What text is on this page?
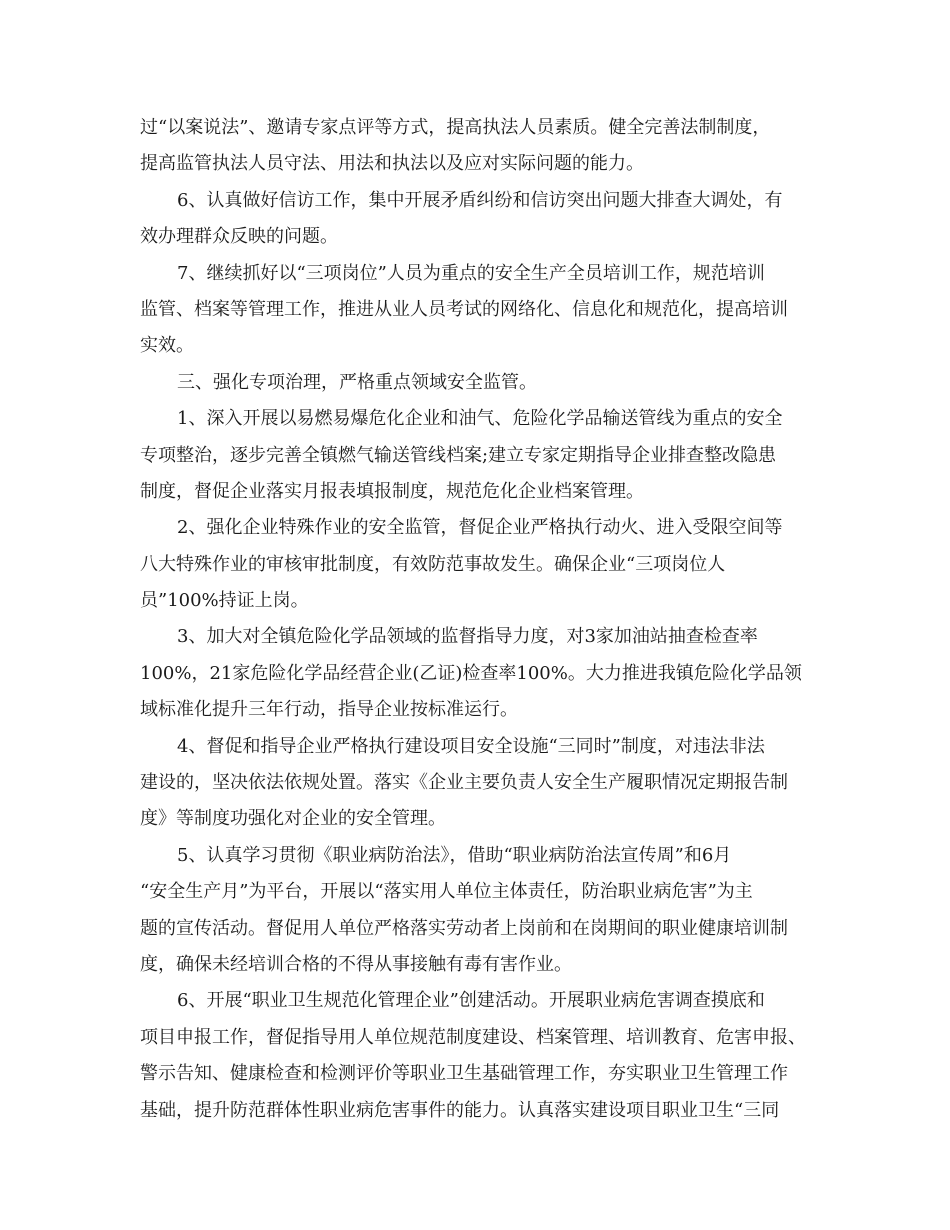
过“以案说法”、邀请专家点评等方式，提高执法人员素质。健全完善法制制度，
提高监管执法人员守法、用法和执法以及应对实际问题的能力。
6、认真做好信访工作，集中开展矛盾纠纷和信访突出问题大排查大调处，有
效办理群众反映的问题。
7、继续抓好以“三项岗位”人员为重点的安全生产全员培训工作，规范培训
监管、档案等管理工作，推进从业人员考试的网络化、信息化和规范化，提高培训
实效。
三、强化专项治理，严格重点领域安全监管。
1、深入开展以易燃易爆危化企业和油气、危险化学品输送管线为重点的安全
专项整治，逐步完善全镇燃气输送管线档案;建立专家定期指导企业排查整改隐患
制度，督促企业落实月报表填报制度，规范危化企业档案管理。
2、强化企业特殊作业的安全监管，督促企业严格执行动火、进入受限空间等
八大特殊作业的审核审批制度，有效防范事故发生。确保企业“三项岗位人
员”100%持证上岗。
3、加大对全镇危险化学品领域的监督指导力度，对3家加油站抽查检查率
100%，21家危险化学品经营企业(乙证)检查率100%。大力推进我镇危险化学品领
域标准化提升三年行动，指导企业按标准运行。
4、督促和指导企业严格执行建设项目安全设施“三同时”制度，对违法非法
建设的，坚决依法依规处置。落实《企业主要负责人安全生产履职情况定期报告制
度》等制度功强化对企业的安全管理。
5、认真学习贯彻《职业病防治法》，借助“职业病防治法宣传周”和6月
“安全生产月”为平台，开展以“落实用人单位主体责任，防治职业病危害”为主
题的宣传活动。督促用人单位严格落实劳动者上岗前和在岗期间的职业健康培训制
度，确保未经培训合格的不得从事接触有毒有害作业。
6、开展“职业卫生规范化管理企业”创建活动。开展职业病危害调查摸底和
项目申报工作，督促指导用人单位规范制度建设、档案管理、培训教育、危害申报、
警示告知、健康检查和检测评价等职业卫生基础管理工作，夯实职业卫生管理工作
基础，提升防范群体性职业病危害事件的能力。认真落实建设项目职业卫生“三同
